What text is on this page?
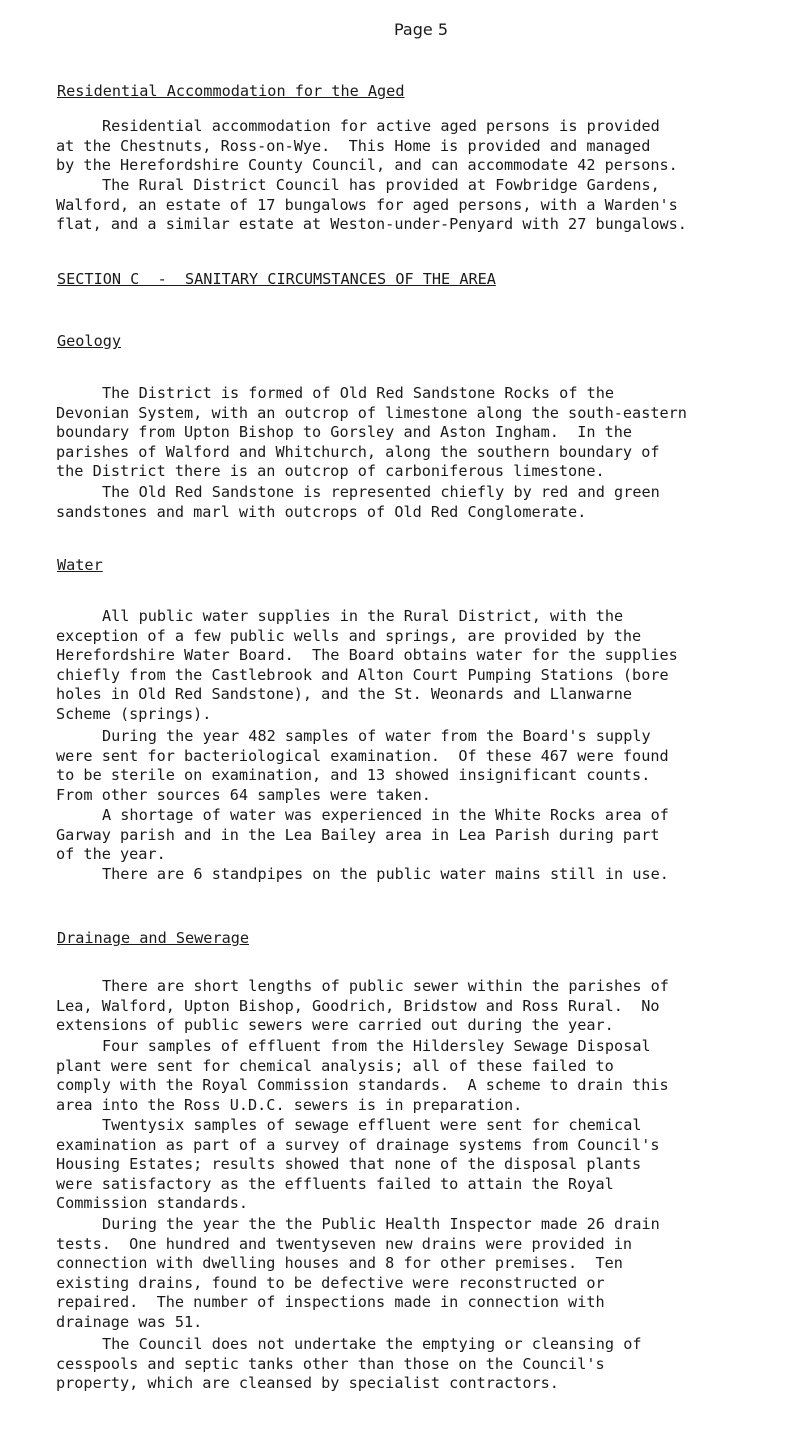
Page 5
Residential Accommodation for the Aged
Residential accommodation for active aged persons is provided
at the Chestnuts, Ross-on-Wye.  This Home is provided and managed
by the Herefordshire County Council, and can accommodate 42 persons.
The Rural District Council has provided at Fowbridge Gardens,
Walford, an estate of 17 bungalows for aged persons, with a Warden's
flat, and a similar estate at Weston-under-Penyard with 27 bungalows.
SECTION C  -  SANITARY CIRCUMSTANCES OF THE AREA
Geology
The District is formed of Old Red Sandstone Rocks of the
Devonian System, with an outcrop of limestone along the south-eastern
boundary from Upton Bishop to Gorsley and Aston Ingham.  In the
parishes of Walford and Whitchurch, along the southern boundary of
the District there is an outcrop of carboniferous limestone.
The Old Red Sandstone is represented chiefly by red and green
sandstones and marl with outcrops of Old Red Conglomerate.
Water
All public water supplies in the Rural District, with the
exception of a few public wells and springs, are provided by the
Herefordshire Water Board.  The Board obtains water for the supplies
chiefly from the Castlebrook and Alton Court Pumping Stations (bore
holes in Old Red Sandstone), and the St. Weonards and Llanwarne
Scheme (springs).
During the year 482 samples of water from the Board's supply
were sent for bacteriological examination.  Of these 467 were found
to be sterile on examination, and 13 showed insignificant counts.
From other sources 64 samples were taken.
A shortage of water was experienced in the White Rocks area of
Garway parish and in the Lea Bailey area in Lea Parish during part
of the year.
There are 6 standpipes on the public water mains still in use.
Drainage and Sewerage
There are short lengths of public sewer within the parishes of
Lea, Walford, Upton Bishop, Goodrich, Bridstow and Ross Rural.  No
extensions of public sewers were carried out during the year.
Four samples of effluent from the Hildersley Sewage Disposal
plant were sent for chemical analysis; all of these failed to
comply with the Royal Commission standards.  A scheme to drain this
area into the Ross U.D.C. sewers is in preparation.
Twentysix samples of sewage effluent were sent for chemical
examination as part of a survey of drainage systems from Council's
Housing Estates; results showed that none of the disposal plants
were satisfactory as the effluents failed to attain the Royal
Commission standards.
During the year the the Public Health Inspector made 26 drain
tests.  One hundred and twentyseven new drains were provided in
connection with dwelling houses and 8 for other premises.  Ten
existing drains, found to be defective were reconstructed or
repaired.  The number of inspections made in connection with
drainage was 51.
The Council does not undertake the emptying or cleansing of
cesspools and septic tanks other than those on the Council's
property, which are cleansed by specialist contractors.
